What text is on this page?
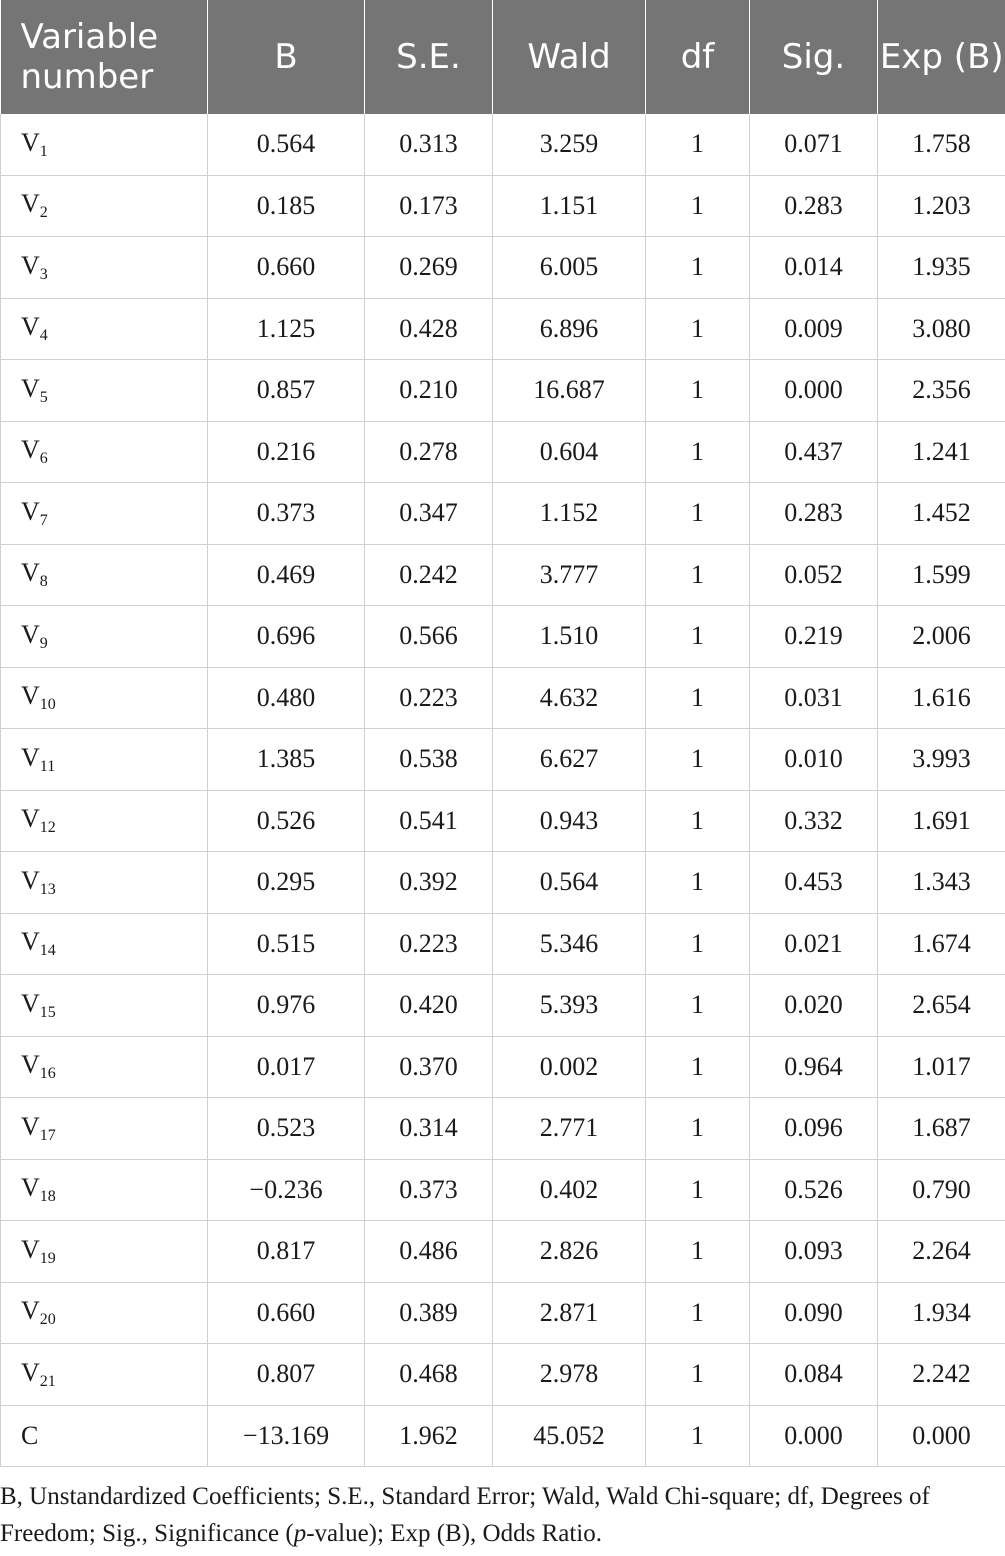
Variable number	B	S.E.	Wald	df	Sig.	Exp (B)
$V_1$	0.564	0.313	3.259	1	0.071	1.758
$V_2$	0.185	0.173	1.151	1	0.283	1.203
$V_3$	0.660	0.269	6.005	1	0.014	1.935
$V_4$	1.125	0.428	6.896	1	0.009	3.080
$V_5$	0.857	0.210	16.687	1	0.000	2.356
$V_6$	0.216	0.278	0.604	1	0.437	1.241
$V_7$	0.373	0.347	1.152	1	0.283	1.452
$V_8$	0.469	0.242	3.777	1	0.052	1.599
$V_9$	0.696	0.566	1.510	1	0.219	2.006
$V_{10}$	0.480	0.223	4.632	1	0.031	1.616
$V_{11}$	1.385	0.538	6.627	1	0.010	3.993
$V_{12}$	0.526	0.541	0.943	1	0.332	1.691
$V_{13}$	0.295	0.392	0.564	1	0.453	1.343
$V_{14}$	0.515	0.223	5.346	1	0.021	1.674
$V_{15}$	0.976	0.420	5.393	1	0.020	2.654
$V_{16}$	0.017	0.370	0.002	1	0.964	1.017
$V_{17}$	0.523	0.314	2.771	1	0.096	1.687
$V_{18}$	−0.236	0.373	0.402	1	0.526	0.790
$V_{19}$	0.817	0.486	2.826	1	0.093	2.264
$V_{20}$	0.660	0.389	2.871	1	0.090	1.934
$V_{21}$	0.807	0.468	2.978	1	0.084	2.242
C	−13.169	1.962	45.052	1	0.000	0.000
B, Unstandardized Coefficients; S.E., Standard Error; Wald, Wald Chi-square; df, Degrees of Freedom; Sig., Significance (p-value); Exp (B), Odds Ratio.
